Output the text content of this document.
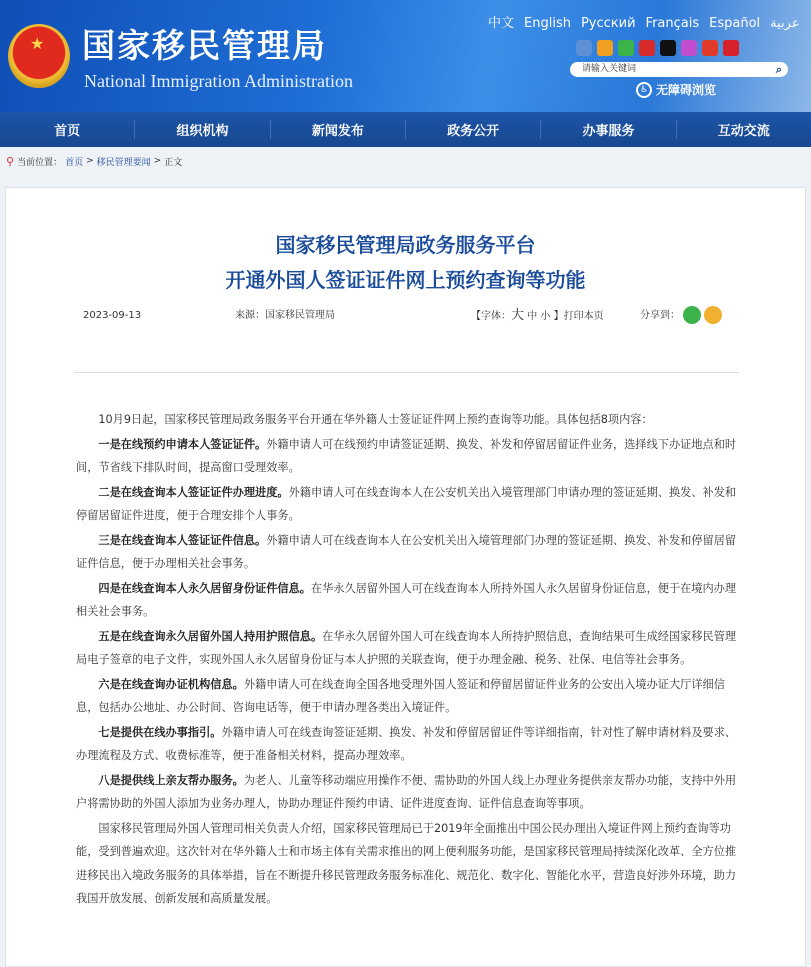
★ 国家移民管理局
National Immigration Administration
中文 English Русский Français Español عربية
请输入关键词	⌕
♿ 无障碍浏览
首页	组织机构	新闻发布	政务公开	办事服务	互动交流
⚲ 当前位置： 首页 > 移民管理要闻 > 正文
国家移民管理局政务服务平台
开通外国人签证证件网上预约查询等功能
2023-09-13	来源：国家移民管理局	【字体：大 中 小 】打印本页	分享到：

10月9日起，国家移民管理局政务服务平台开通在华外籍人士签证证件网上预约查询等功能。具体包括8项内容：

一是在线预约申请本人签证证件。外籍申请人可在线预约申请签证延期、换发、补发和停留居留证件业务，选择线下办证地点和时间，节省线下排队时间，提高窗口受理效率。

二是在线查询本人签证证件办理进度。外籍申请人可在线查询本人在公安机关出入境管理部门申请办理的签证延期、换发、补发和停留居留证件进度，便于合理安排个人事务。

三是在线查询本人签证证件信息。外籍申请人可在线查询本人在公安机关出入境管理部门办理的签证延期、换发、补发和停留居留证件信息，便于办理相关社会事务。

四是在线查询本人永久居留身份证件信息。在华永久居留外国人可在线查询本人所持外国人永久居留身份证信息，便于在境内办理相关社会事务。

五是在线查询永久居留外国人持用护照信息。在华永久居留外国人可在线查询本人所持护照信息，查询结果可生成经国家移民管理局电子签章的电子文件，实现外国人永久居留身份证与本人护照的关联查询，便于办理金融、税务、社保、电信等社会事务。

六是在线查询办证机构信息。外籍申请人可在线查询全国各地受理外国人签证和停留居留证件业务的公安出入境办证大厅详细信息，包括办公地址、办公时间、咨询电话等，便于申请办理各类出入境证件。

七是提供在线办事指引。外籍申请人可在线查询签证延期、换发、补发和停留居留证件等详细指南，针对性了解申请材料及要求、办理流程及方式、收费标准等，便于准备相关材料，提高办理效率。

八是提供线上亲友帮办服务。为老人、儿童等移动端应用操作不便、需协助的外国人线上办理业务提供亲友帮办功能，支持中外用户将需协助的外国人添加为业务办理人，协助办理证件预约申请、证件进度查询、证件信息查询等事项。

国家移民管理局外国人管理司相关负责人介绍，国家移民管理局已于2019年全面推出中国公民办理出入境证件网上预约查询等功能，受到普遍欢迎。这次针对在华外籍人士和市场主体有关需求推出的网上便利服务功能，是国家移民管理局持续深化改革、全方位推进移民出入境政务服务的具体举措，旨在不断提升移民管理政务服务标准化、规范化、数字化、智能化水平，营造良好涉外环境，助力我国开放发展、创新发展和高质量发展。
